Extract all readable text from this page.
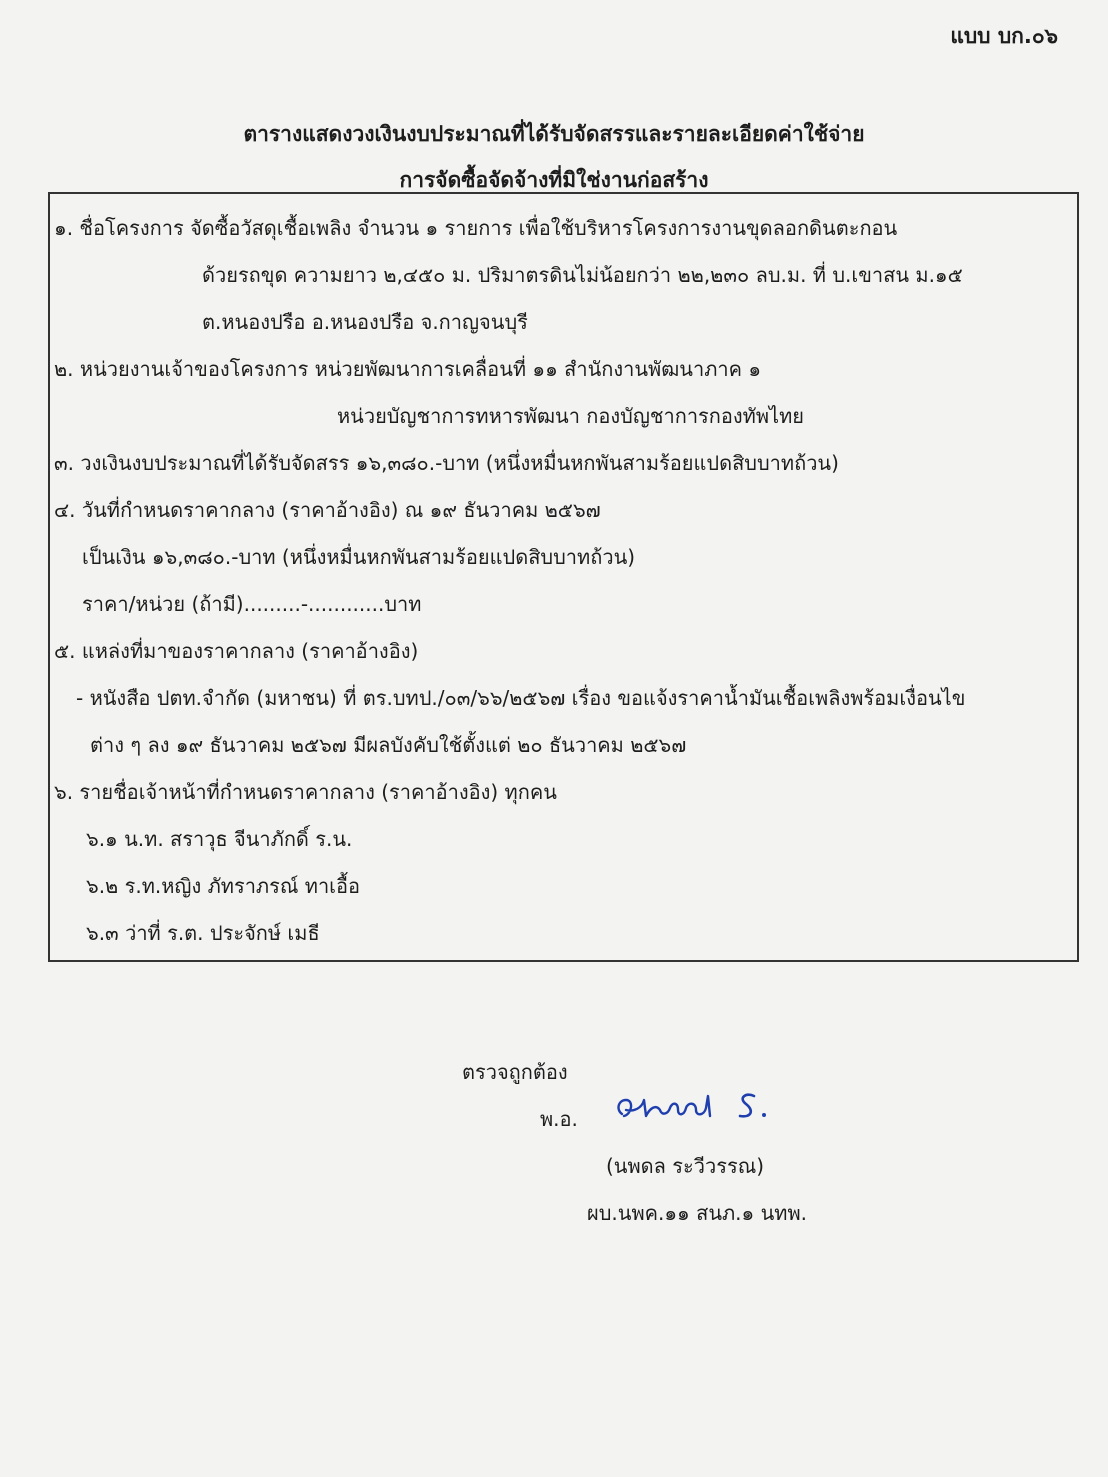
แบบ บก.๐๖
ตารางแสดงวงเงินงบประมาณที่ได้รับจัดสรรและรายละเอียดค่าใช้จ่าย
การจัดซื้อจัดจ้างที่มิใช่งานก่อสร้าง
๑. ชื่อโครงการ จัดซื้อวัสดุเชื้อเพลิง จำนวน ๑ รายการ เพื่อใช้บริหารโครงการงานขุดลอกดินตะกอน
ด้วยรถขุด ความยาว ๒,๔๕๐ ม. ปริมาตรดินไม่น้อยกว่า ๒๒,๒๓๐ ลบ.ม. ที่ บ.เขาสน ม.๑๕
ต.หนองปรือ อ.หนองปรือ จ.กาญจนบุรี
๒. หน่วยงานเจ้าของโครงการ หน่วยพัฒนาการเคลื่อนที่ ๑๑ สำนักงานพัฒนาภาค ๑
หน่วยบัญชาการทหารพัฒนา กองบัญชาการกองทัพไทย
๓. วงเงินงบประมาณที่ได้รับจัดสรร ๑๖,๓๘๐.-บาท (หนึ่งหมื่นหกพันสามร้อยแปดสิบบาทถ้วน)
๔. วันที่กำหนดราคากลาง (ราคาอ้างอิง) ณ ๑๙ ธันวาคม ๒๕๖๗
เป็นเงิน ๑๖,๓๘๐.-บาท (หนึ่งหมื่นหกพันสามร้อยแปดสิบบาทถ้วน)
ราคา/หน่วย (ถ้ามี).........-............บาท
๕. แหล่งที่มาของราคากลาง (ราคาอ้างอิง)
- หนังสือ ปตท.จำกัด (มหาชน) ที่ ตร.บทป./๐๓/๖๖/๒๕๖๗ เรื่อง ขอแจ้งราคาน้ำมันเชื้อเพลิงพร้อมเงื่อนไข
ต่าง ๆ ลง ๑๙ ธันวาคม ๒๕๖๗ มีผลบังคับใช้ตั้งแต่ ๒๐ ธันวาคม ๒๕๖๗
๖. รายชื่อเจ้าหน้าที่กำหนดราคากลาง (ราคาอ้างอิง) ทุกคน
๖.๑ น.ท. สราวุธ จีนาภักดิ์ ร.น.
๖.๒ ร.ท.หญิง ภัทราภรณ์ ทาเอื้อ
๖.๓ ว่าที่ ร.ต. ประจักษ์ เมธี
ตรวจถูกต้อง
พ.อ.
(นพดล ระวีวรรณ)
ผบ.นพค.๑๑ สนภ.๑ นทพ.
